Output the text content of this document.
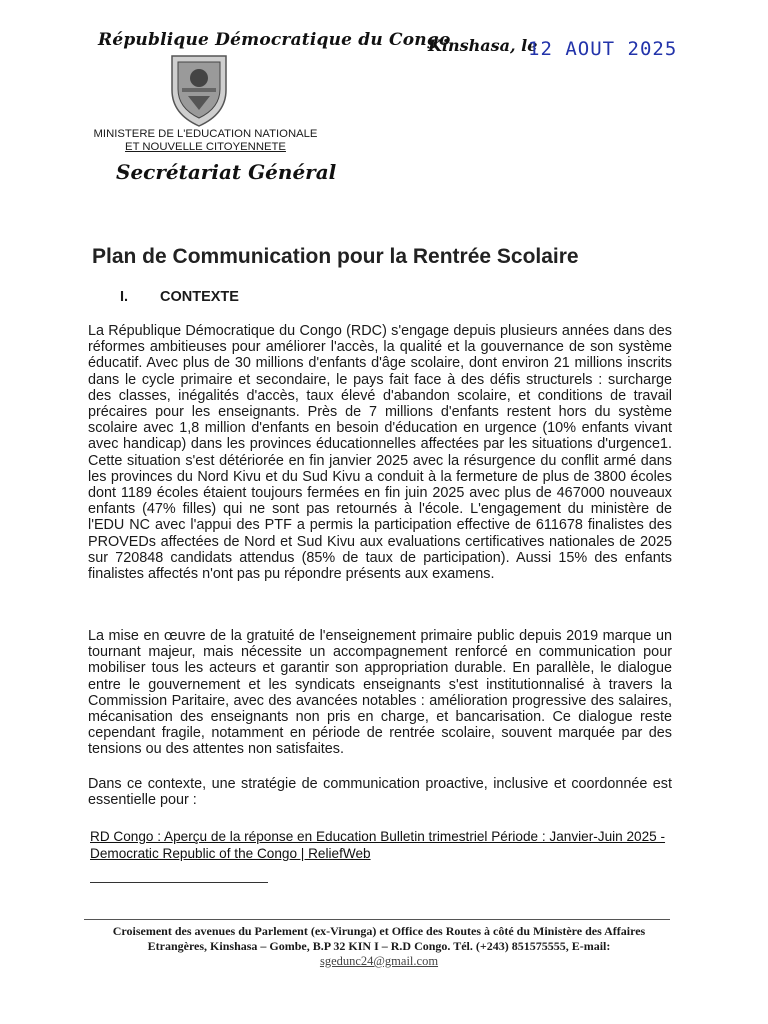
République Démocratique du Congo
Kinshasa, le
12 AOUT 2025
MINISTERE DE L'EDUCATION NATIONALE
ET NOUVELLE CITOYENNETE
Secrétariat Général
Plan de Communication pour la Rentrée Scolaire
I. CONTEXTE
La République Démocratique du Congo (RDC) s'engage depuis plusieurs années dans des réformes ambitieuses pour améliorer l'accès, la qualité et la gouvernance de son système éducatif. Avec plus de 30 millions d'enfants d'âge scolaire, dont environ 21 millions inscrits dans le cycle primaire et secondaire, le pays fait face à des défis structurels : surcharge des classes, inégalités d'accès, taux élevé d'abandon scolaire, et conditions de travail précaires pour les enseignants. Près de 7 millions d'enfants restent hors du système scolaire avec 1,8 million d'enfants en besoin d'éducation en urgence (10% enfants vivant avec handicap) dans les provinces éducationnelles affectées par les situations d'urgence1. Cette situation s'est détériorée en fin janvier 2025 avec la résurgence du conflit armé dans les provinces du Nord Kivu et du Sud Kivu a conduit à la fermeture de plus de 3800 écoles dont 1189 écoles étaient toujours fermées en fin juin 2025 avec plus de 467000 nouveaux enfants (47% filles) qui ne sont pas retournés à l'école. L'engagement du ministère de l'EDU NC avec l'appui des PTF a permis la participation effective de 611678 finalistes des PROVEDs affectées de Nord et Sud Kivu aux evaluations certificatives nationales de 2025 sur 720848 candidats attendus (85% de taux de participation). Aussi 15% des enfants finalistes affectés n'ont pas pu répondre présents aux examens.
La mise en œuvre de la gratuité de l'enseignement primaire public depuis 2019 marque un tournant majeur, mais nécessite un accompagnement renforcé en communication pour mobiliser tous les acteurs et garantir son appropriation durable. En parallèle, le dialogue entre le gouvernement et les syndicats enseignants s'est institutionnalisé à travers la Commission Paritaire, avec des avancées notables : amélioration progressive des salaires, mécanisation des enseignants non pris en charge, et bancarisation. Ce dialogue reste cependant fragile, notamment en période de rentrée scolaire, souvent marquée par des tensions ou des attentes non satisfaites.
Dans ce contexte, une stratégie de communication proactive, inclusive et coordonnée est essentielle pour :
RD Congo : Aperçu de la réponse en Education Bulletin trimestriel Période : Janvier-Juin 2025 - Democratic Republic of the Congo | ReliefWeb
Croisement des avenues du Parlement (ex-Virunga) et Office des Routes à côté du Ministère des Affaires Etrangères, Kinshasa – Gombe, B.P 32 KIN I – R.D Congo. Tél. (+243) 851575555, E-mail:
sgedunc24@gmail.com
